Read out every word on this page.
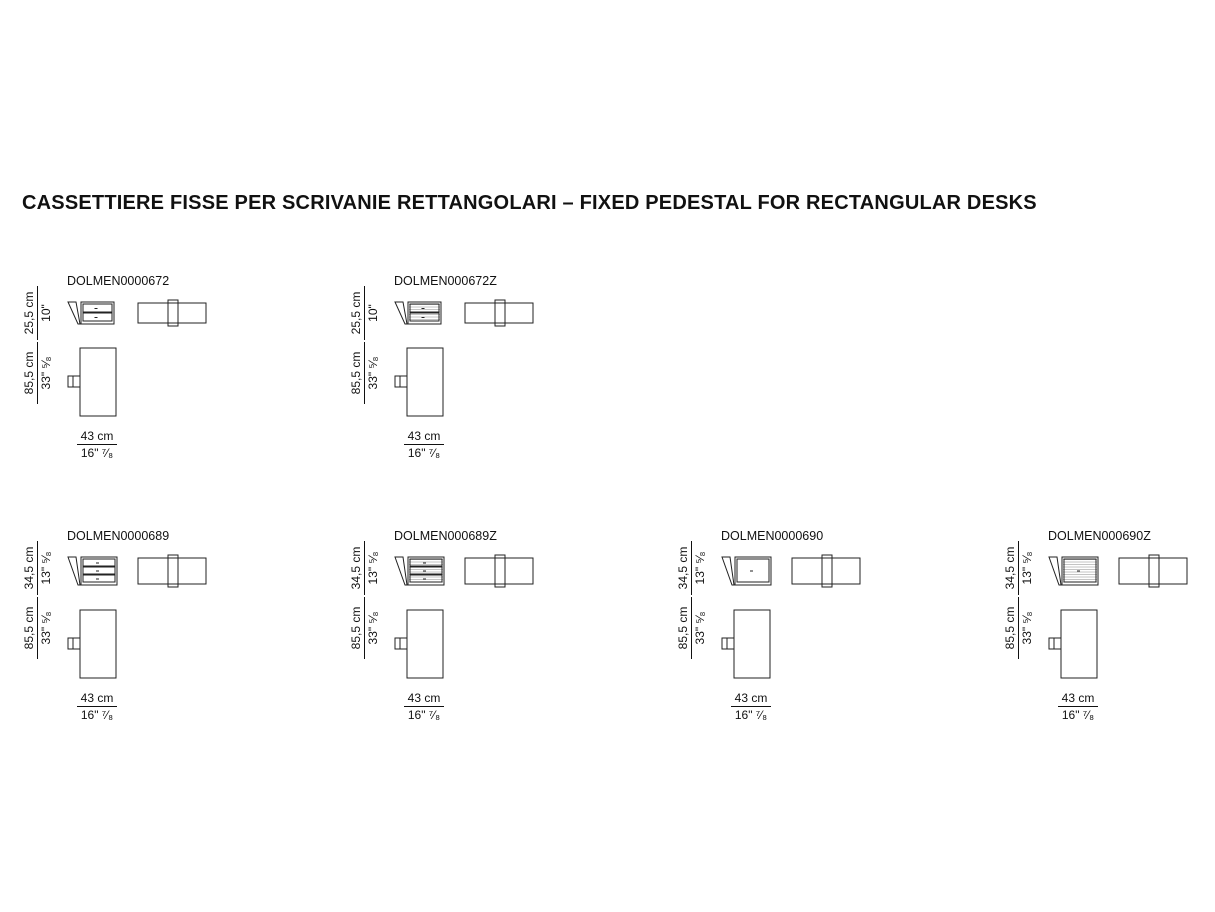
CASSETTIERE FISSE PER SCRIVANIE RETTANGOLARI – FIXED PEDESTAL FOR RECTANGULAR DESKS
DOLMEN0000672
25,5 cm 10"
85,5 cm 33" ⁵⁄₈
43 cm
16" ⁷⁄₈
DOLMEN000672Z
25,5 cm 10"
85,5 cm 33" ⁵⁄₈
43 cm
16" ⁷⁄₈
DOLMEN0000689
34,5 cm 13" ⁵⁄₈
85,5 cm 33" ⁵⁄₈
43 cm
16" ⁷⁄₈
DOLMEN000689Z
34,5 cm 13" ⁵⁄₈
85,5 cm 33" ⁵⁄₈
43 cm
16" ⁷⁄₈
DOLMEN0000690
34,5 cm 13" ⁵⁄₈
85,5 cm 33" ⁵⁄₈
43 cm
16" ⁷⁄₈
DOLMEN000690Z
34,5 cm 13" ⁵⁄₈
85,5 cm 33" ⁵⁄₈
43 cm
16" ⁷⁄₈
